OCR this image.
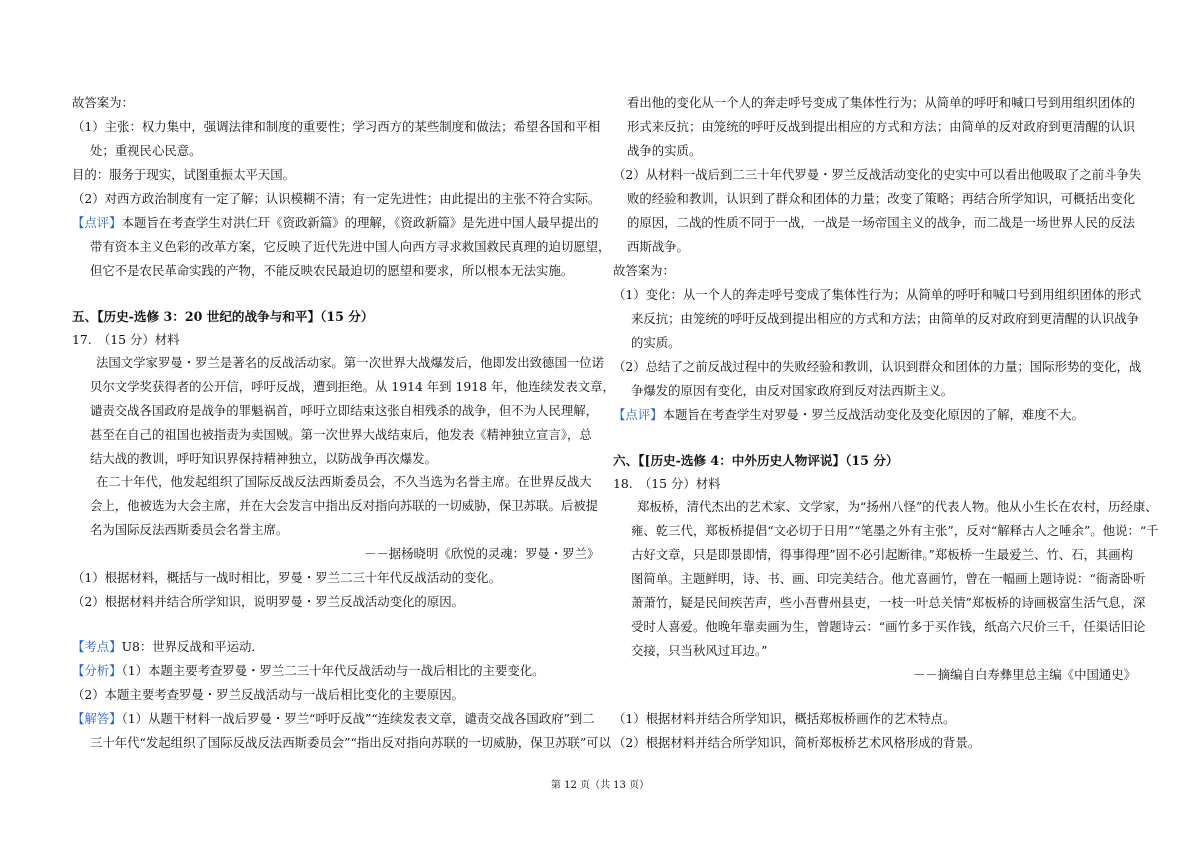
故答案为：
（1）主张：权力集中，强调法律和制度的重要性；学习西方的某些制度和做法；希望各国和平相
处；重视民心民意。
目的：服务于现实，试图重振太平天国。
（2）对西方政治制度有一定了解；认识模糊不清；有一定先进性；由此提出的主张不符合实际。
【点评】本题旨在考查学生对洪仁玕《资政新篇》的理解，《资政新篇》是先进中国人最早提出的
带有资本主义色彩的改革方案，它反映了近代先进中国人向西方寻求救国救民真理的迫切愿望，
但它不是农民革命实践的产物，不能反映农民最迫切的愿望和要求，所以根本无法实施。
五、【历史-选修 3：20 世纪的战争与和平】（15 分）
17.　（15 分）材料
法国文学家罗曼・罗兰是著名的反战活动家。第一次世界大战爆发后，他即发出致德国一位诺
贝尔文学奖获得者的公开信，呼吁反战，遭到拒绝。从 1914 年到 1918 年，他连续发表文章，
谴责交战各国政府是战争的罪魁祸首，呼吁立即结束这张自相残杀的战争，但不为人民理解，
甚至在自己的祖国也被指责为卖国贼。第一次世界大战结束后，他发表《精神独立宣言》，总
结大战的教训，呼吁知识界保持精神独立，以防战争再次爆发。
在二十年代，他发起组织了国际反战反法西斯委员会，不久当选为名誉主席。在世界反战大
会上，他被选为大会主席，并在大会发言中指出反对指向苏联的一切威胁，保卫苏联。后被提
名为国际反法西斯委员会名誉主席。
－－据杨晓明《欣悦的灵魂：罗曼・罗兰》
（1）根据材料，概括与一战时相比，罗曼・罗兰二三十年代反战活动的变化。
（2）根据材料并结合所学知识，说明罗曼・罗兰反战活动变化的原因。
【考点】U8：世界反战和平运动．
【分析】（1）本题主要考查罗曼・罗兰二三十年代反战活动与一战后相比的主要变化。
（2）本题主要考查罗曼・罗兰反战活动与一战后相比变化的主要原因。
【解答】（1）从题干材料一战后罗曼・罗兰“呼吁反战”“连续发表文章，谴责交战各国政府”到二
三十年代“发起组织了国际反战反法西斯委员会”“指出反对指向苏联的一切威胁，保卫苏联”可以
看出他的变化从一个人的奔走呼号变成了集体性行为；从简单的呼吁和喊口号到用组织团体的
形式来反抗；由笼统的呼吁反战到提出相应的方式和方法；由简单的反对政府到更清醒的认识
战争的实质。
（2）从材料一战后到二三十年代罗曼・罗兰反战活动变化的史实中可以看出他吸取了之前斗争失
败的经验和教训，认识到了群众和团体的力量；改变了策略；再结合所学知识，可概括出变化
的原因，二战的性质不同于一战，一战是一场帝国主义的战争，而二战是一场世界人民的反法
西斯战争。
故答案为：
（1）变化：从一个人的奔走呼号变成了集体性行为；从简单的呼吁和喊口号到用组织团体的形式
来反抗；由笼统的呼吁反战到提出相应的方式和方法；由简单的反对政府到更清醒的认识战争
的实质。
（2）总结了之前反战过程中的失败经验和教训，认识到群众和团体的力量；国际形势的变化，战
争爆发的原因有变化，由反对国家政府到反对法西斯主义。
【点评】本题旨在考查学生对罗曼・罗兰反战活动变化及变化原因的了解，难度不大。
六、【[历史-选修 4：中外历史人物评说】（15 分）
18.　（15 分）材料
郑板桥，清代杰出的艺术家、文学家，为“扬州八怪”的代表人物。他从小生长在农村，历经康、
雍、乾三代，郑板桥提倡“文必切于日用”“笔墨之外有主张”，反对“解释古人之唾余”。他说：“千
古好文章，只是即景即情，得事得理”固不必引起断律。”郑板桥一生最爱兰、竹、石，其画构
图简单。主题鲜明，诗、书、画、印完美结合。他尤喜画竹，曾在一幅画上题诗说：“衙斋卧听
萧萧竹，疑是民间疾苦声，些小吾曹州县吏，一枝一叶总关情”郑板桥的诗画极富生活气息，深
受时人喜爱。他晚年靠卖画为生，曾题诗云：“画竹多于买作钱，纸高六尺价三千，任渠话旧论
交接，只当秋风过耳边。”
－－摘编自白寿彝里总主编《中国通史》
（1）根据材料并结合所学知识，概括郑板桥画作的艺术特点。
（2）根据材料并结合所学知识，简析郑板桥艺术风格形成的背景。
第 12 页（共 13 页）
